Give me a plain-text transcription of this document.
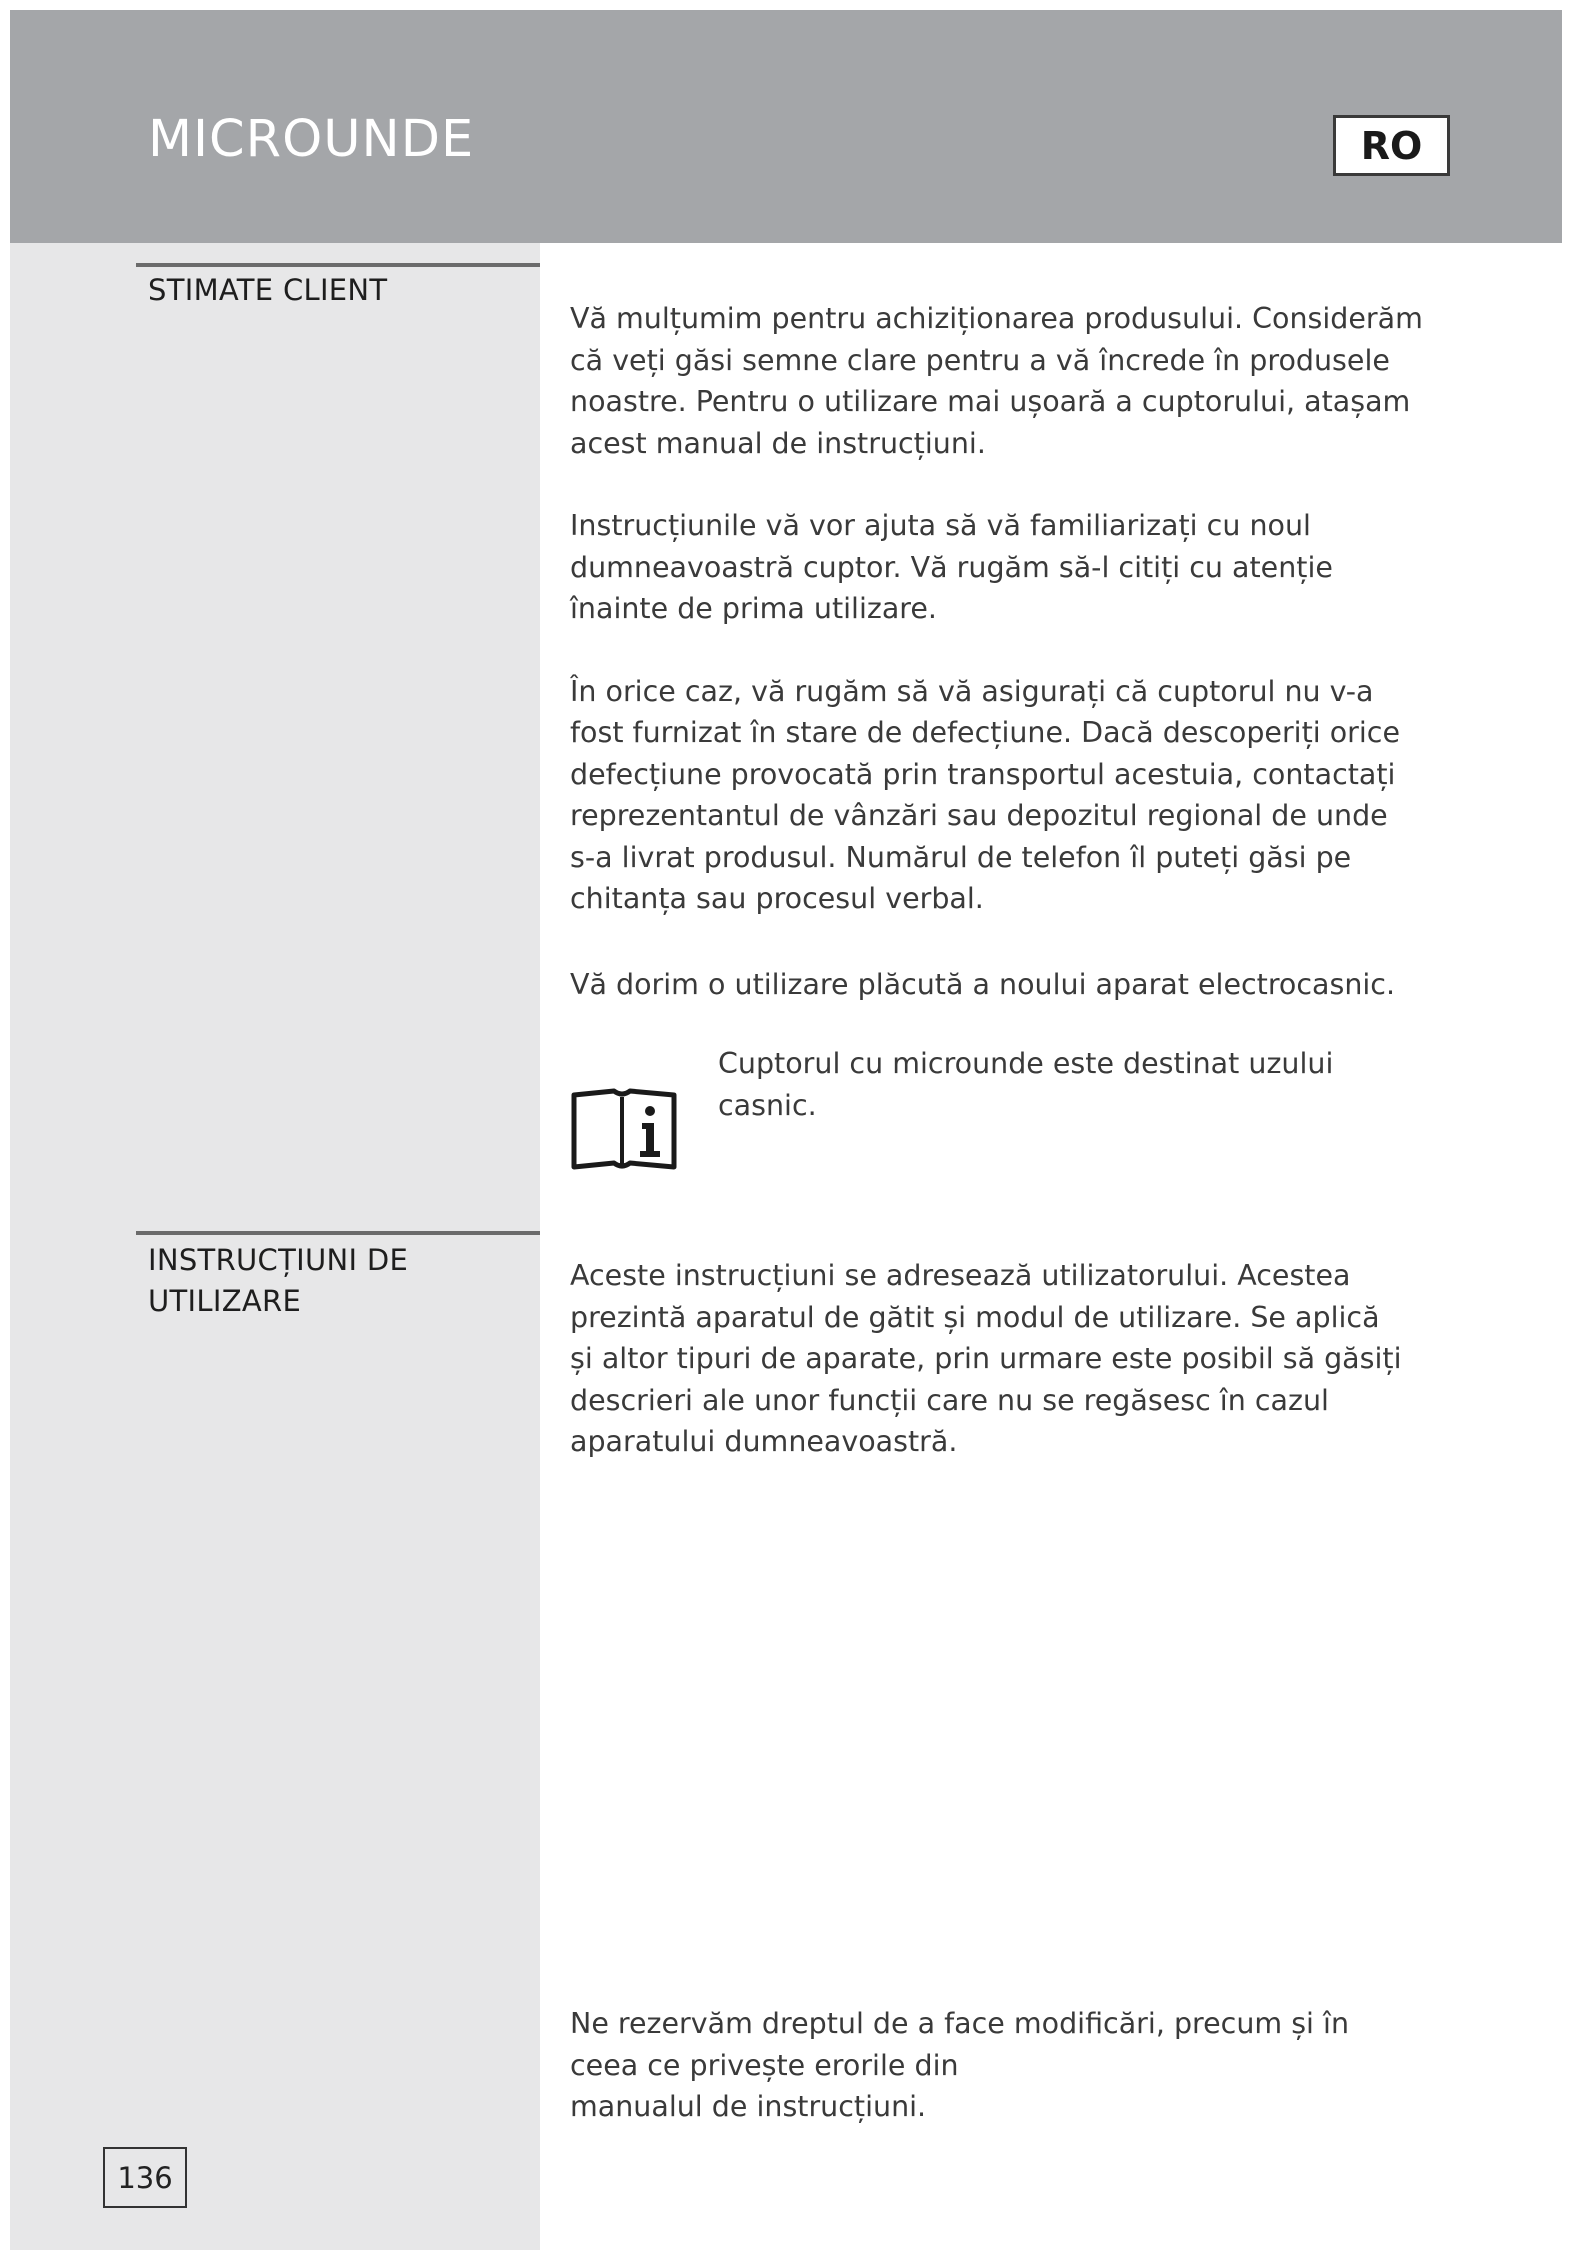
MICROUNDE	RO
STIMATE CLIENT

Vă mulțumim pentru achiziționarea produsului. Considerăm
că veți găsi semne clare pentru a vă încrede în produsele
noastre. Pentru o utilizare mai ușoară a cuptorului, atașam
acest manual de instrucțiuni.

Instrucțiunile vă vor ajuta să vă familiarizați cu noul
dumneavoastră cuptor. Vă rugăm să-l citiți cu atenție
înainte de prima utilizare.

În orice caz, vă rugăm să vă asigurați că cuptorul nu v-a
fost furnizat în stare de defecțiune. Dacă descoperiți orice
defecțiune provocată prin transportul acestuia, contactați
reprezentantul de vânzări sau depozitul regional de unde
s-a livrat produsul. Numărul de telefon îl puteți găsi pe
chitanța sau procesul verbal.

Vă dorim o utilizare plăcută a noului aparat electrocasnic.

Cuptorul cu microunde este destinat uzului
casnic.
INSTRUCȚIUNI DE
UTILIZARE
Aceste instrucțiuni se adresează utilizatorului. Acestea
prezintă aparatul de gătit și modul de utilizare. Se aplică
și altor tipuri de aparate, prin urmare este posibil să găsiți
descrieri ale unor funcții care nu se regăsesc în cazul
aparatului dumneavoastră.
Ne rezervăm dreptul de a face modificări, precum și în
ceea ce privește erorile din
manualul de instrucțiuni.
136
